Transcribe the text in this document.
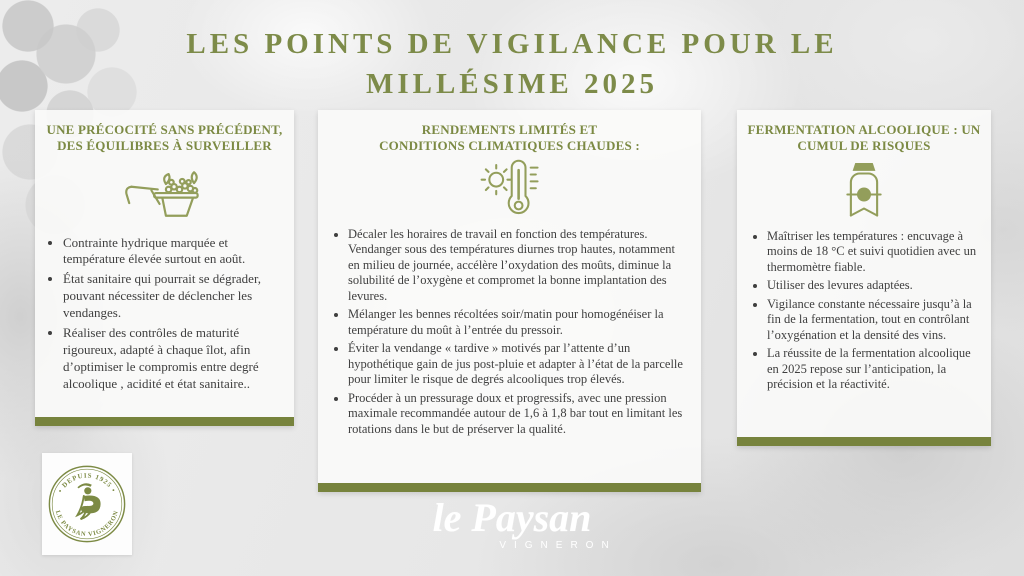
LES POINTS DE VIGILANCE POUR LE
MILLÉSIME 2025
UNE PRÉCOCITÉ SANS PRÉCÉDENT,
DES ÉQUILIBRES À SURVEILLER
• Contrainte hydrique marquée et température élevée surtout en août.
• État sanitaire qui pourrait se dégrader, pouvant nécessiter de déclencher les vendanges.
• Réaliser des contrôles de maturité rigoureux, adapté à chaque îlot, afin d’optimiser le compromis entre degré alcoolique , acidité et état sanitaire..
RENDEMENTS LIMITÉS ET
CONDITIONS CLIMATIQUES CHAUDES :
• Décaler les horaires de travail en fonction des températures. Vendanger sous des températures diurnes trop hautes, notamment en milieu de journée, accélère l’oxydation des moûts, diminue la solubilité de l’oxygène et compromet la bonne implantation des levures.
• Mélanger les bennes récoltées soir/matin pour homogénéiser la température du moût à l’entrée du pressoir.
• Éviter la vendange « tardive » motivés par l’attente d’un hypothétique gain de jus post-pluie et adapter à l’état de la parcelle pour limiter le risque de degrés alcooliques trop élevés.
• Procéder à un pressurage doux et progressifs, avec une pression maximale recommandée autour de 1,6 à 1,8 bar tout en limitant les rotations dans le but de préserver la qualité.
FERMENTATION ALCOOLIQUE : UN
CUMUL DE RISQUES
• Maîtriser les températures : encuvage à moins de 18 °C et suivi quotidien avec un thermomètre fiable.
• Utiliser des levures adaptées.
• Vigilance constante nécessaire jusqu’à la fin de la fermentation, tout en contrôlant l’oxygénation et la densité des vins.
• La réussite de la fermentation alcoolique en 2025 repose sur l’anticipation, la précision et la réactivité.
• DEPUIS 1925 •
LE PAYSAN VIGNERON	le Paysan
VIGNERON
